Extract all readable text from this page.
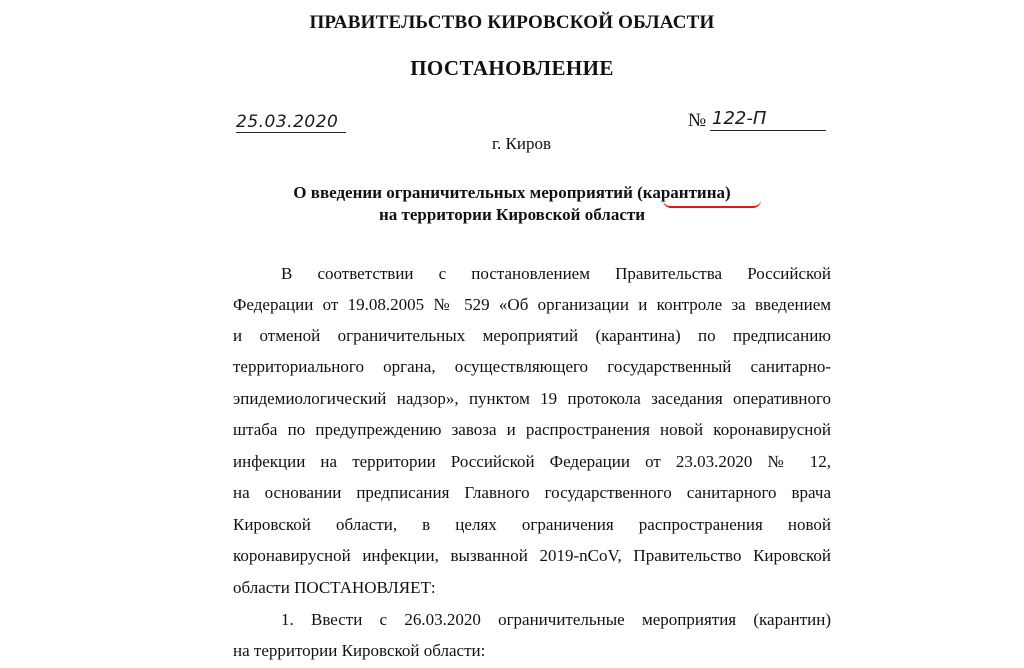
ПРАВИТЕЛЬСТВО КИРОВСКОЙ ОБЛАСТИ
ПОСТАНОВЛЕНИЕ
25.03.2020	№ 122-П
г. Киров
О введении ограничительных мероприятий (карантина)
на территории Кировской области
В соответствии с постановлением Правительства Российской
Федерации от 19.08.2005 № 529 «Об организации и контроле за введением
и отменой ограничительных мероприятий (карантина) по предписанию
территориального органа, осуществляющего государственный санитарно-
эпидемиологический надзор», пунктом 19 протокола заседания оперативного
штаба по предупреждению завоза и распространения новой коронавирусной
инфекции на территории Российской Федерации от 23.03.2020 № 12,
на основании предписания Главного государственного санитарного врача
Кировской области, в целях ограничения распространения новой
коронавирусной инфекции, вызванной 2019-nCoV, Правительство Кировской
области ПОСТАНОВЛЯЕТ:
1. Ввести с 26.03.2020 ограничительные мероприятия (карантин)
на территории Кировской области:
